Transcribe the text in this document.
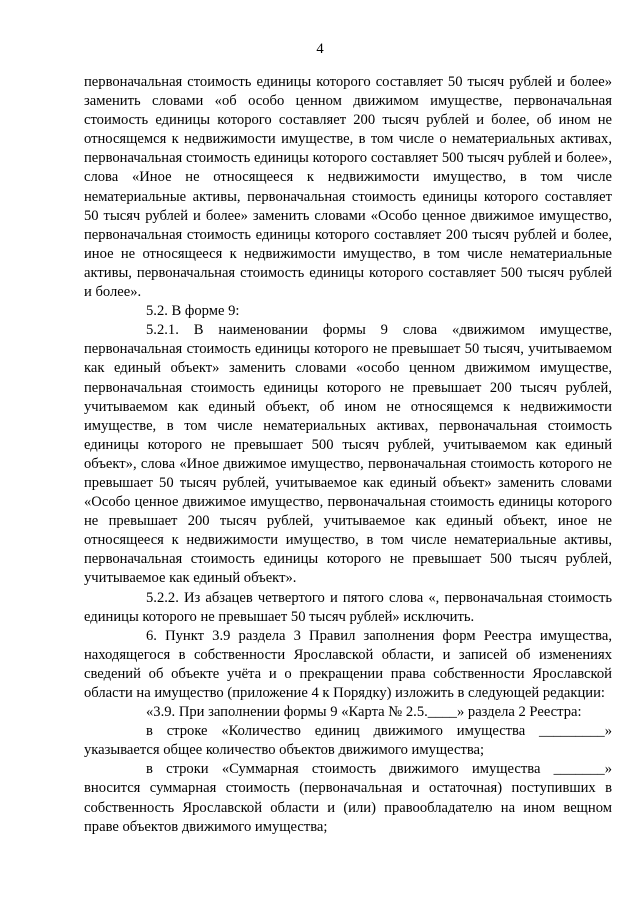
4

первоначальная стоимость единицы которого составляет 50 тысяч рублей и более» заменить словами «об особо ценном движимом имуществе, первоначальная стоимость единицы которого составляет 200 тысяч рублей и более, об ином не относящемся к недвижимости имуществе, в том числе о нематериальных активах, первоначальная стоимость единицы которого составляет 500 тысяч рублей и более», слова «Иное не относящееся к недвижимости имущество, в том числе нематериальные активы, первоначальная стоимость единицы которого составляет 50 тысяч рублей и более» заменить словами «Особо ценное движимое имущество, первоначальная стоимость единицы которого составляет 200 тысяч рублей и более, иное не относящееся к недвижимости имущество, в том числе нематериальные активы, первоначальная стоимость единицы которого составляет 500 тысяч рублей и более».

5.2. В форме 9:

5.2.1. В наименовании формы 9 слова «движимом имуществе, первоначальная стоимость единицы которого не превышает 50 тысяч, учитываемом как единый объект» заменить словами «особо ценном движимом имуществе, первоначальная стоимость единицы которого не превышает 200 тысяч рублей, учитываемом как единый объект, об ином не относящемся к недвижимости имуществе, в том числе нематериальных активах, первоначальная стоимость единицы которого не превышает 500 тысяч рублей, учитываемом как единый объект», слова «Иное движимое имущество, первоначальная стоимость которого не превышает 50 тысяч рублей, учитываемое как единый объект» заменить словами «Особо ценное движимое имущество, первоначальная стоимость единицы которого не превышает 200 тысяч рублей, учитываемое как единый объект, иное не относящееся к недвижимости имущество, в том числе нематериальные активы, первоначальная стоимость единицы которого не превышает 500 тысяч рублей, учитываемое как единый объект».

5.2.2. Из абзацев четвертого и пятого слова «, первоначальная стоимость единицы которого не превышает 50 тысяч рублей» исключить.

6. Пункт 3.9 раздела 3 Правил заполнения форм Реестра имущества, находящегося в собственности Ярославской области, и записей об изменениях сведений об объекте учёта и о прекращении права собственности Ярославской области на имущество (приложение 4 к Порядку) изложить в следующей редакции:

«3.9. При заполнении формы 9 «Карта № 2.5.____» раздела 2 Реестра:

в строке «Количество единиц движимого имущества _________» указывается общее количество объектов движимого имущества;

в строки «Суммарная стоимость движимого имущества _______» вносится суммарная стоимость (первоначальная и остаточная) поступивших в собственность Ярославской области и (или) правообладателю на ином вещном праве объектов движимого имущества;
